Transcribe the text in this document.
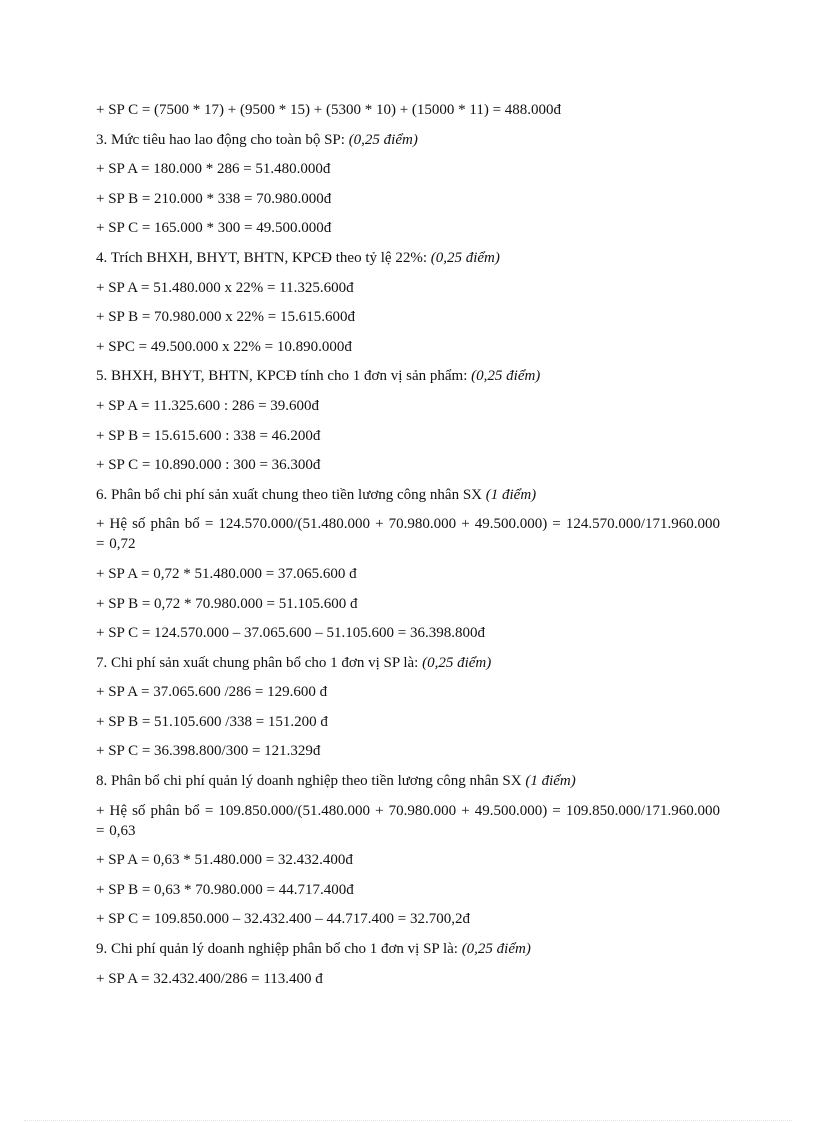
+ SP C = (7500 * 17) + (9500 * 15) + (5300 * 10) + (15000 * 11) = 488.000đ
3. Mức tiêu hao lao động cho toàn bộ SP: (0,25 điểm)
+ SP A = 180.000 * 286 = 51.480.000đ
+ SP B = 210.000 * 338 = 70.980.000đ
+ SP C = 165.000 * 300 = 49.500.000đ
4. Trích BHXH, BHYT, BHTN, KPCĐ theo tỷ lệ 22%: (0,25 điểm)
+ SP A = 51.480.000 x 22% = 11.325.600đ
+ SP B = 70.980.000 x 22% = 15.615.600đ
+ SPC = 49.500.000 x 22% = 10.890.000đ
5. BHXH, BHYT, BHTN, KPCĐ tính cho 1 đơn vị sản phẩm: (0,25 điểm)
+ SP A = 11.325.600 : 286 = 39.600đ
+ SP B = 15.615.600 : 338 = 46.200đ
+ SP C = 10.890.000 : 300 = 36.300đ
6. Phân bổ chi phí sản xuất chung theo tiền lương công nhân SX (1 điểm)
+ Hệ số phân bổ = 124.570.000/(51.480.000 + 70.980.000 + 49.500.000) = 124.570.000/171.960.000 = 0,72
+ SP A = 0,72 * 51.480.000 = 37.065.600 đ
+ SP B = 0,72 * 70.980.000 = 51.105.600 đ
+ SP C = 124.570.000 – 37.065.600 – 51.105.600 = 36.398.800đ
7. Chi phí sản xuất chung phân bổ cho 1 đơn vị SP là: (0,25 điểm)
+ SP A = 37.065.600 /286 = 129.600 đ
+ SP B = 51.105.600 /338 = 151.200 đ
+ SP C = 36.398.800/300 = 121.329đ
8. Phân bổ chi phí quản lý doanh nghiệp theo tiền lương công nhân SX (1 điểm)
+ Hệ số phân bổ = 109.850.000/(51.480.000 + 70.980.000 + 49.500.000) = 109.850.000/171.960.000 = 0,63
+ SP A = 0,63 * 51.480.000 = 32.432.400đ
+ SP B = 0,63 * 70.980.000 = 44.717.400đ
+ SP C = 109.850.000 – 32.432.400 – 44.717.400 = 32.700,2đ
9. Chi phí quản lý doanh nghiệp phân bổ cho 1 đơn vị SP là: (0,25 điểm)
+ SP A = 32.432.400/286 = 113.400 đ
